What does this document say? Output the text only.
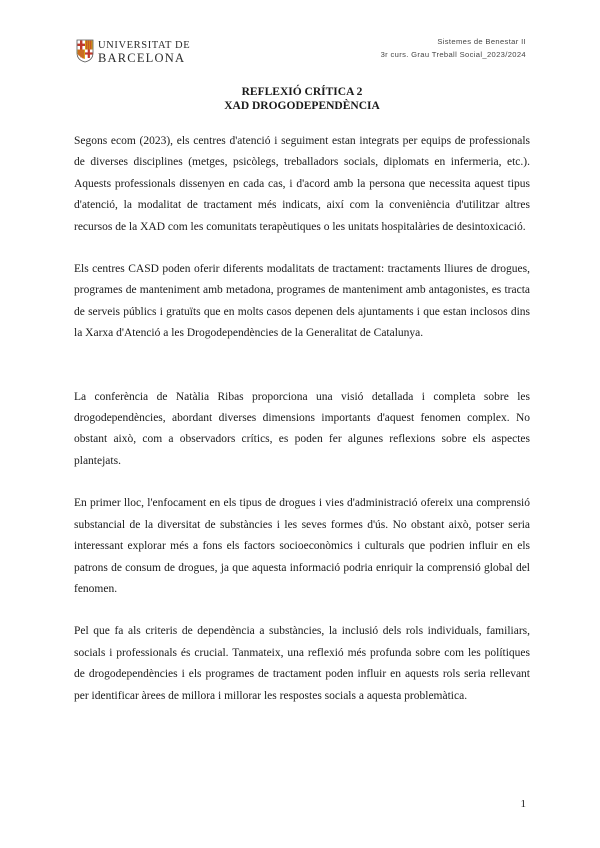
UNIVERSITAT DE
BARCELONA
Sistemes de Benestar II
3r curs. Grau Treball Social_2023/2024
REFLEXIÓ CRÍTICA 2
XAD DROGODEPENDÈNCIA

Segons ecom (2023), els centres d'atenció i seguiment estan integrats per equips de professionals de diverses disciplines (metges, psicòlegs, treballadors socials, diplomats en infermeria, etc.). Aquests professionals dissenyen en cada cas, i d'acord amb la persona que necessita aquest tipus d'atenció, la modalitat de tractament més indicats, així com la conveniència d'utilitzar altres recursos de la XAD com les comunitats terapèutiques o les unitats hospitalàries de desintoxicació.

Els centres CASD poden oferir diferents modalitats de tractament: tractaments lliures de drogues, programes de manteniment amb metadona, programes de manteniment amb antagonistes, es tracta de serveis públics i gratuïts que en molts casos depenen dels ajuntaments i que estan inclosos dins la Xarxa d'Atenció a les Drogodependències de la Generalitat de Catalunya.

La conferència de Natàlia Ribas proporciona una visió detallada i completa sobre les drogodependències, abordant diverses dimensions importants d'aquest fenomen complex. No obstant això, com a observadors crítics, es poden fer algunes reflexions sobre els aspectes plantejats.

En primer lloc, l'enfocament en els tipus de drogues i vies d'administració ofereix una comprensió substancial de la diversitat de substàncies i les seves formes d'ús. No obstant això, potser seria interessant explorar més a fons els factors socioeconòmics i culturals que podrien influir en els patrons de consum de drogues, ja que aquesta informació podria enriquir la comprensió global del fenomen.

Pel que fa als criteris de dependència a substàncies, la inclusió dels rols individuals, familiars, socials i professionals és crucial. Tanmateix, una reflexió més profunda sobre com les polítiques de drogodependències i els programes de tractament poden influir en aquests rols seria rellevant per identificar àrees de millora i millorar les respostes socials a aquesta problemàtica.

1
